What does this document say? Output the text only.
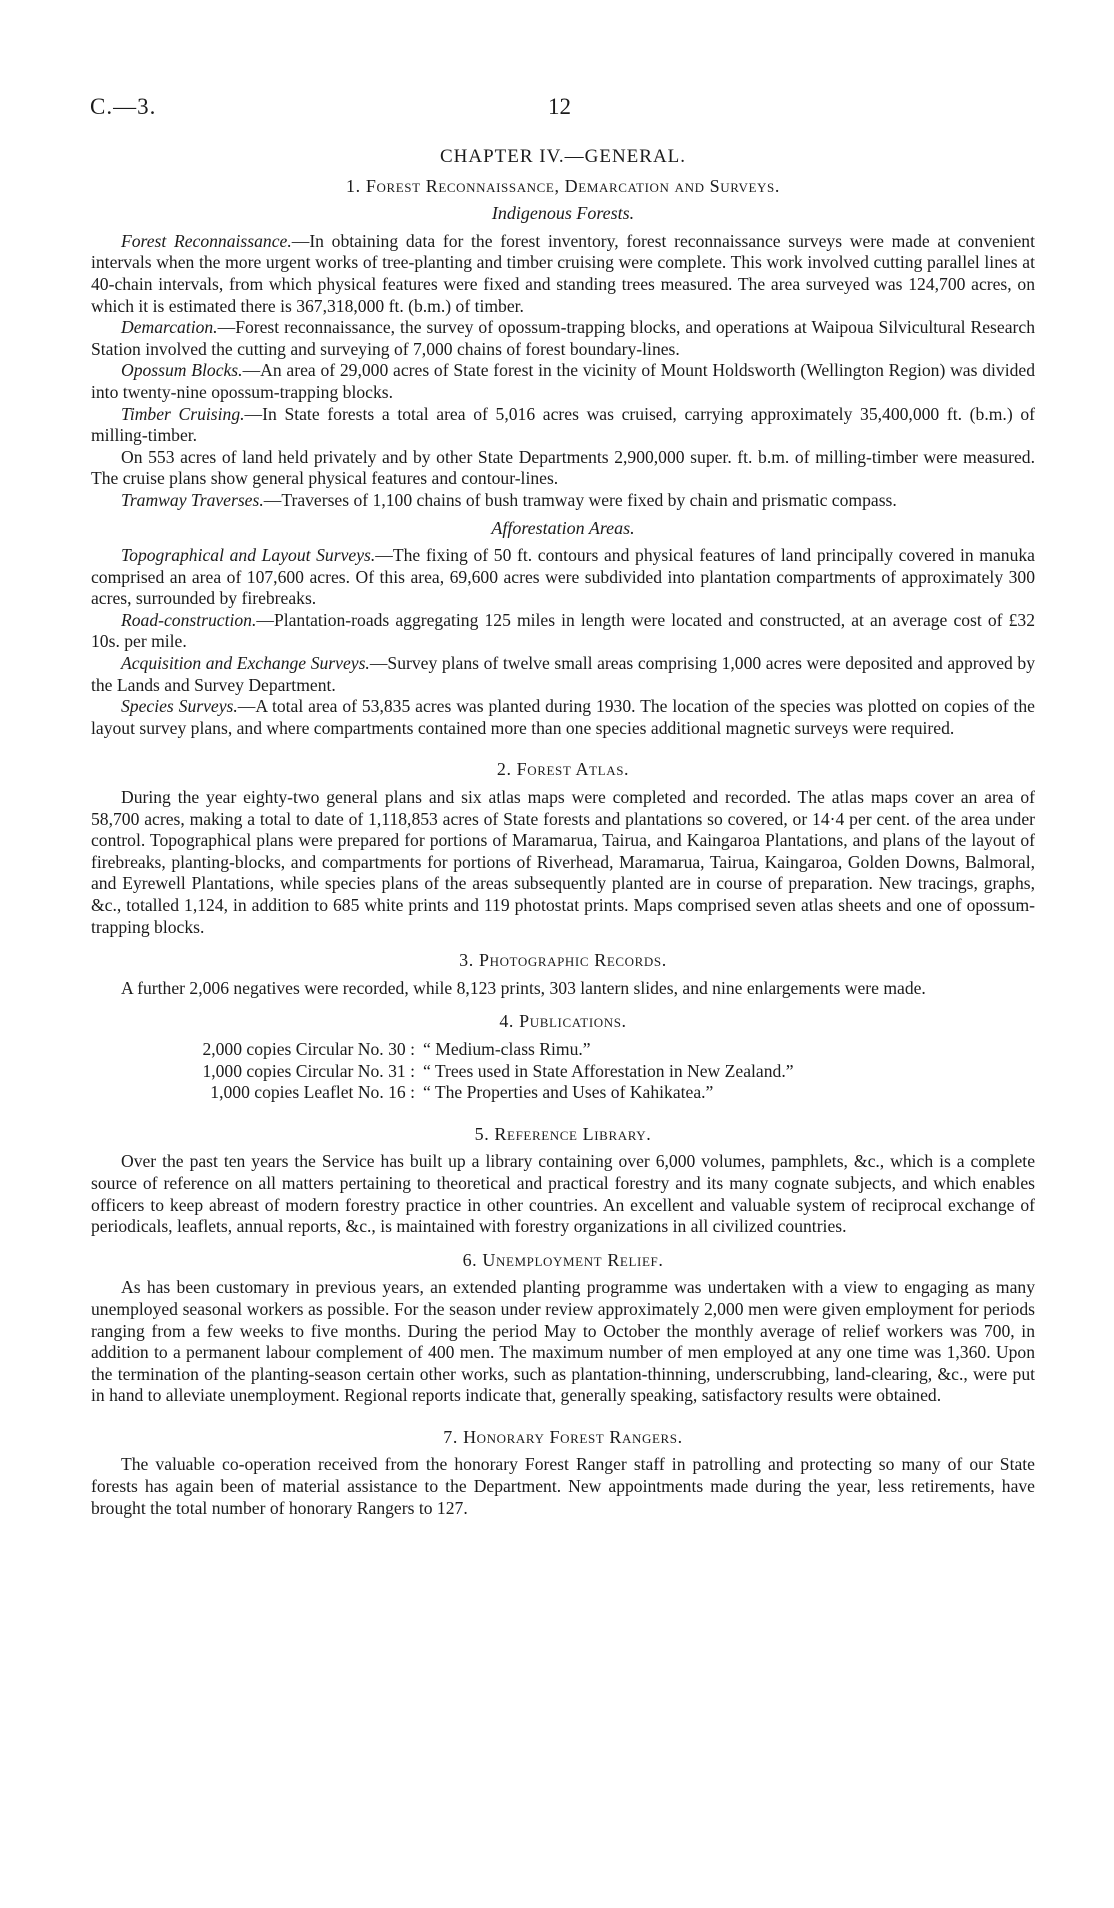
C.—3.	12
CHAPTER IV.—GENERAL.
1. Forest Reconnaissance, Demarcation and Surveys.
Indigenous Forests.

Forest Reconnaissance.—In obtaining data for the forest inventory, forest reconnaissance surveys were made at convenient intervals when the more urgent works of tree-planting and timber cruising were complete. This work involved cutting parallel lines at 40-chain intervals, from which physical features were fixed and standing trees measured. The area surveyed was 124,700 acres, on which it is estimated there is 367,318,000 ft. (b.m.) of timber.

Demarcation.—Forest reconnaissance, the survey of opossum-trapping blocks, and operations at Waipoua Silvicultural Research Station involved the cutting and surveying of 7,000 chains of forest boundary-lines.

Opossum Blocks.—An area of 29,000 acres of State forest in the vicinity of Mount Holdsworth (Wellington Region) was divided into twenty-nine opossum-trapping blocks.

Timber Cruising.—In State forests a total area of 5,016 acres was cruised, carrying approximately 35,400,000 ft. (b.m.) of milling-timber.

On 553 acres of land held privately and by other State Departments 2,900,000 super. ft. b.m. of milling-timber were measured. The cruise plans show general physical features and contour-lines.

Tramway Traverses.—Traverses of 1,100 chains of bush tramway were fixed by chain and prismatic compass.

Afforestation Areas.

Topographical and Layout Surveys.—The fixing of 50 ft. contours and physical features of land principally covered in manuka comprised an area of 107,600 acres. Of this area, 69,600 acres were subdivided into plantation compartments of approximately 300 acres, surrounded by firebreaks.

Road-construction.—Plantation-roads aggregating 125 miles in length were located and constructed, at an average cost of £32 10s. per mile.

Acquisition and Exchange Surveys.—Survey plans of twelve small areas comprising 1,000 acres were deposited and approved by the Lands and Survey Department.

Species Surveys.—A total area of 53,835 acres was planted during 1930. The location of the species was plotted on copies of the layout survey plans, and where compartments contained more than one species additional magnetic surveys were required.

2. Forest Atlas.

During the year eighty-two general plans and six atlas maps were completed and recorded. The atlas maps cover an area of 58,700 acres, making a total to date of 1,118,853 acres of State forests and plantations so covered, or 14·4 per cent. of the area under control. Topographical plans were prepared for portions of Maramarua, Tairua, and Kaingaroa Plantations, and plans of the layout of firebreaks, planting-blocks, and compartments for portions of Riverhead, Maramarua, Tairua, Kaingaroa, Golden Downs, Balmoral, and Eyrewell Plantations, while species plans of the areas subsequently planted are in course of preparation. New tracings, graphs, &c., totalled 1,124, in addition to 685 white prints and 119 photostat prints. Maps comprised seven atlas sheets and one of opossum-trapping blocks.

3. Photographic Records.

A further 2,006 negatives were recorded, while 8,123 prints, 303 lantern slides, and nine enlargements were made.

4. Publications.
2,000 copies Circular No. 30 : “ Medium-class Rimu.”
1,000 copies Circular No. 31 : “ Trees used in State Afforestation in New Zealand.”
1,000 copies Leaflet No. 16 : “ The Properties and Uses of Kahikatea.”
5. Reference Library.

Over the past ten years the Service has built up a library containing over 6,000 volumes, pamphlets, &c., which is a complete source of reference on all matters pertaining to theoretical and practical forestry and its many cognate subjects, and which enables officers to keep abreast of modern forestry practice in other countries. An excellent and valuable system of reciprocal exchange of periodicals, leaflets, annual reports, &c., is maintained with forestry organizations in all civilized countries.

6. Unemployment Relief.

As has been customary in previous years, an extended planting programme was undertaken with a view to engaging as many unemployed seasonal workers as possible. For the season under review approximately 2,000 men were given employment for periods ranging from a few weeks to five months. During the period May to October the monthly average of relief workers was 700, in addition to a permanent labour complement of 400 men. The maximum number of men employed at any one time was 1,360. Upon the termination of the planting-season certain other works, such as plantation-thinning, underscrubbing, land-clearing, &c., were put in hand to alleviate unemployment. Regional reports indicate that, generally speaking, satisfactory results were obtained.

7. Honorary Forest Rangers.

The valuable co-operation received from the honorary Forest Ranger staff in patrolling and protecting so many of our State forests has again been of material assistance to the Department. New appointments made during the year, less retirements, have brought the total number of honorary Rangers to 127.
